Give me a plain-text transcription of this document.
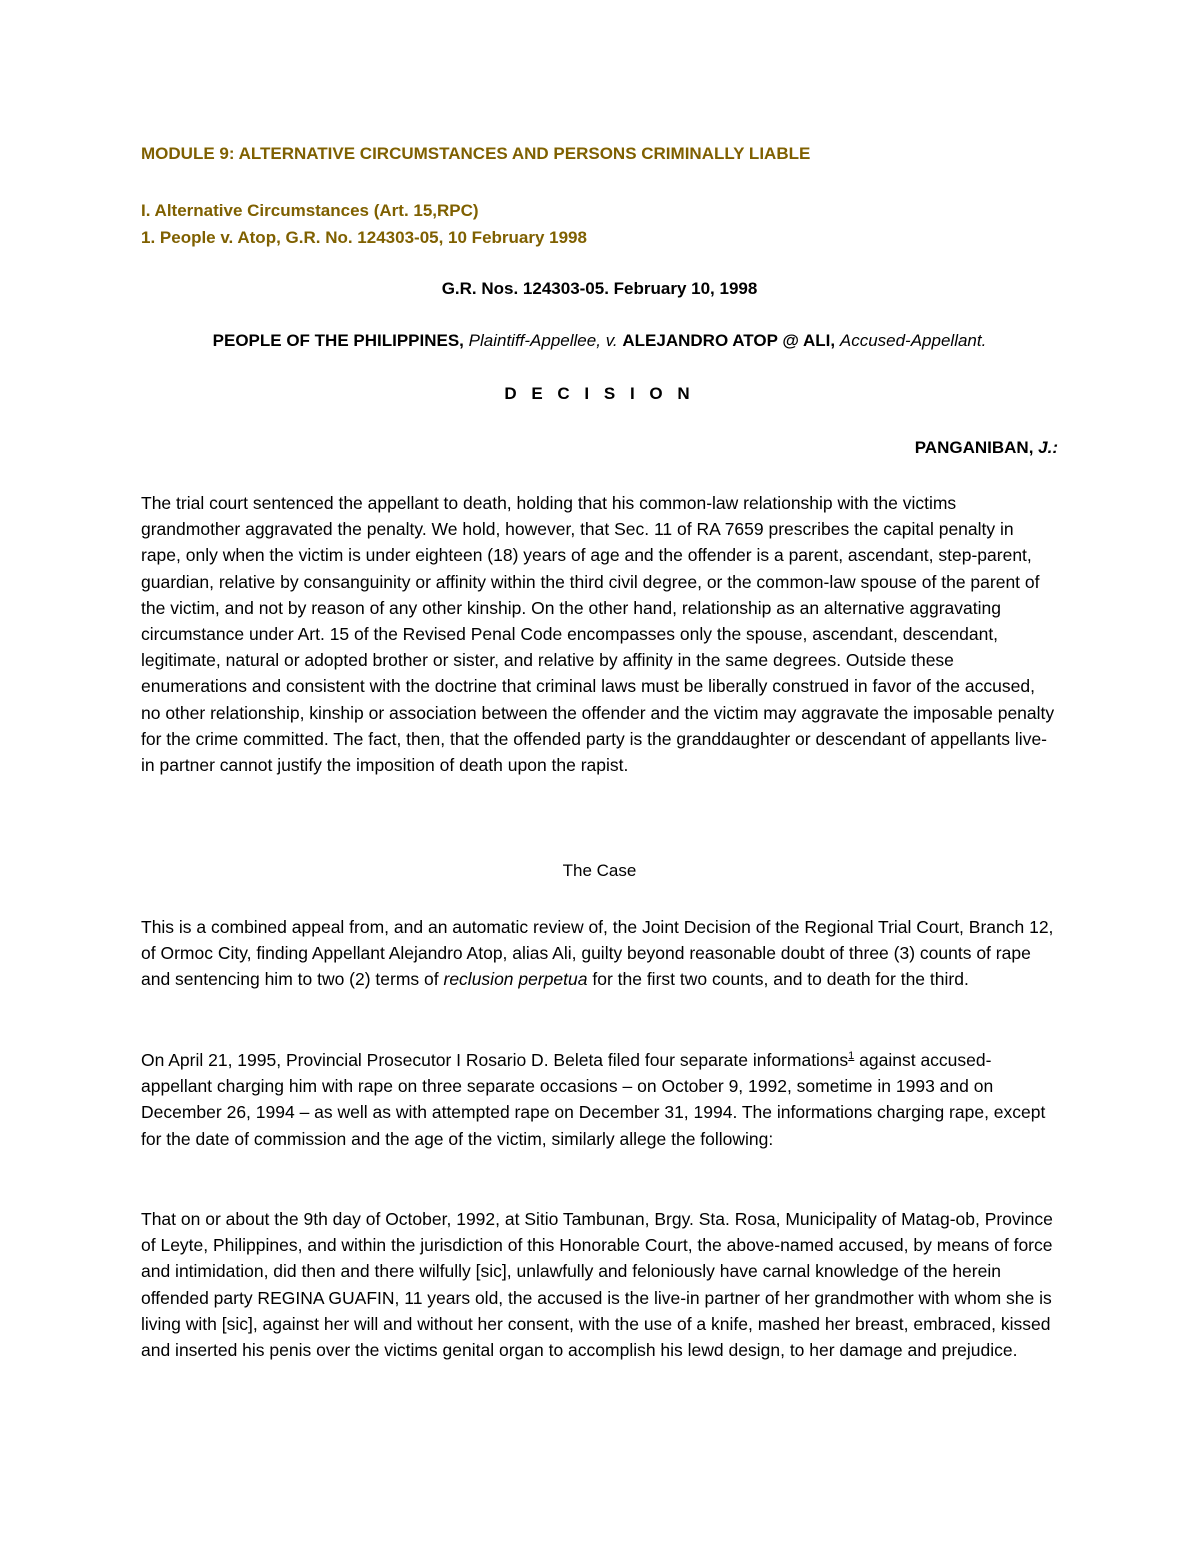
MODULE 9: ALTERNATIVE CIRCUMSTANCES AND PERSONS CRIMINALLY LIABLE
I. Alternative Circumstances (Art. 15,RPC)
1. People v. Atop, G.R. No. 124303-05, 10 February 1998
G.R. Nos. 124303-05. February 10, 1998
PEOPLE OF THE PHILIPPINES, Plaintiff-Appellee, v. ALEJANDRO ATOP @ ALI, Accused-Appellant.
D E C I S I O N
PANGANIBAN, J.:

The trial court sentenced the appellant to death, holding that his common-law relationship with the victims grandmother aggravated the penalty. We hold, however, that Sec. 11 of RA 7659 prescribes the capital penalty in rape, only when the victim is under eighteen (18) years of age and the offender is a parent, ascendant, step-parent, guardian, relative by consanguinity or affinity within the third civil degree, or the common-law spouse of the parent of the victim, and not by reason of any other kinship. On the other hand, relationship as an alternative aggravating circumstance under Art. 15 of the Revised Penal Code encompasses only the spouse, ascendant, descendant, legitimate, natural or adopted brother or sister, and relative by affinity in the same degrees. Outside these enumerations and consistent with the doctrine that criminal laws must be liberally construed in favor of the accused, no other relationship, kinship or association between the offender and the victim may aggravate the imposable penalty for the crime committed. The fact, then, that the offended party is the granddaughter or descendant of appellants live-in partner cannot justify the imposition of death upon the rapist.

The Case

This is a combined appeal from, and an automatic review of, the Joint Decision of the Regional Trial Court, Branch 12, of Ormoc City, finding Appellant Alejandro Atop, alias Ali, guilty beyond reasonable doubt of three (3) counts of rape and sentencing him to two (2) terms of reclusion perpetua for the first two counts, and to death for the third.

On April 21, 1995, Provincial Prosecutor I Rosario D. Beleta filed four separate informations$^1$ against accused-appellant charging him with rape on three separate occasions – on October 9, 1992, sometime in 1993 and on December 26, 1994 – as well as with attempted rape on December 31, 1994. The informations charging rape, except for the date of commission and the age of the victim, similarly allege the following:

That on or about the 9th day of October, 1992, at Sitio Tambunan, Brgy. Sta. Rosa, Municipality of Matag-ob, Province of Leyte, Philippines, and within the jurisdiction of this Honorable Court, the above-named accused, by means of force and intimidation, did then and there wilfully [sic], unlawfully and feloniously have carnal knowledge of the herein offended party REGINA GUAFIN, 11 years old, the accused is the live-in partner of her grandmother with whom she is living with [sic], against her will and without her consent, with the use of a knife, mashed her breast, embraced, kissed and inserted his penis over the victims genital organ to accomplish his lewd design, to her damage and prejudice.
